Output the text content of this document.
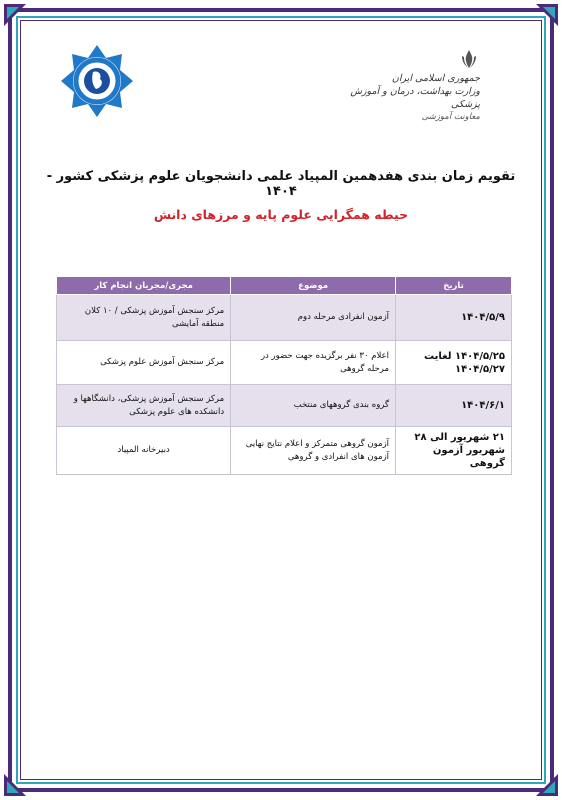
جمهوری اسلامی ایران
وزارت بهداشت، درمان و آموزش پزشکی
معاونت آموزشی
تقویم زمان بندی هفدهمین المپیاد علمی دانشجویان علوم پزشکی کشور - ۱۴۰۴
حیطه همگرایی علوم پایه و مرزهای دانش
تاریخ	موضوع	مجری/مجریان انجام کار
۱۴۰۴/۵/۹	آزمون انفرادی مرحله دوم	مرکز سنجش آموزش پزشکی / ۱۰ کلان منطقه آمایشی
۱۴۰۴/۵/۲۵ لغایت ۱۴۰۴/۵/۲۷	اعلام ۳۰ نفر برگزیده جهت حضور در مرحله گروهی	مرکز سنجش آموزش علوم پزشکی
۱۴۰۴/۶/۱	گروه بندی گروههای منتخب	مرکز سنجش آموزش پزشکی، دانشگاهها و دانشکده های علوم پزشکی
۲۱ شهریور الی ۲۸ شهریور آزمون گروهی	آزمون گروهی متمرکز و اعلام نتایج نهایی آزمون های انفرادی و گروهی	دبیرخانه المپیاد
